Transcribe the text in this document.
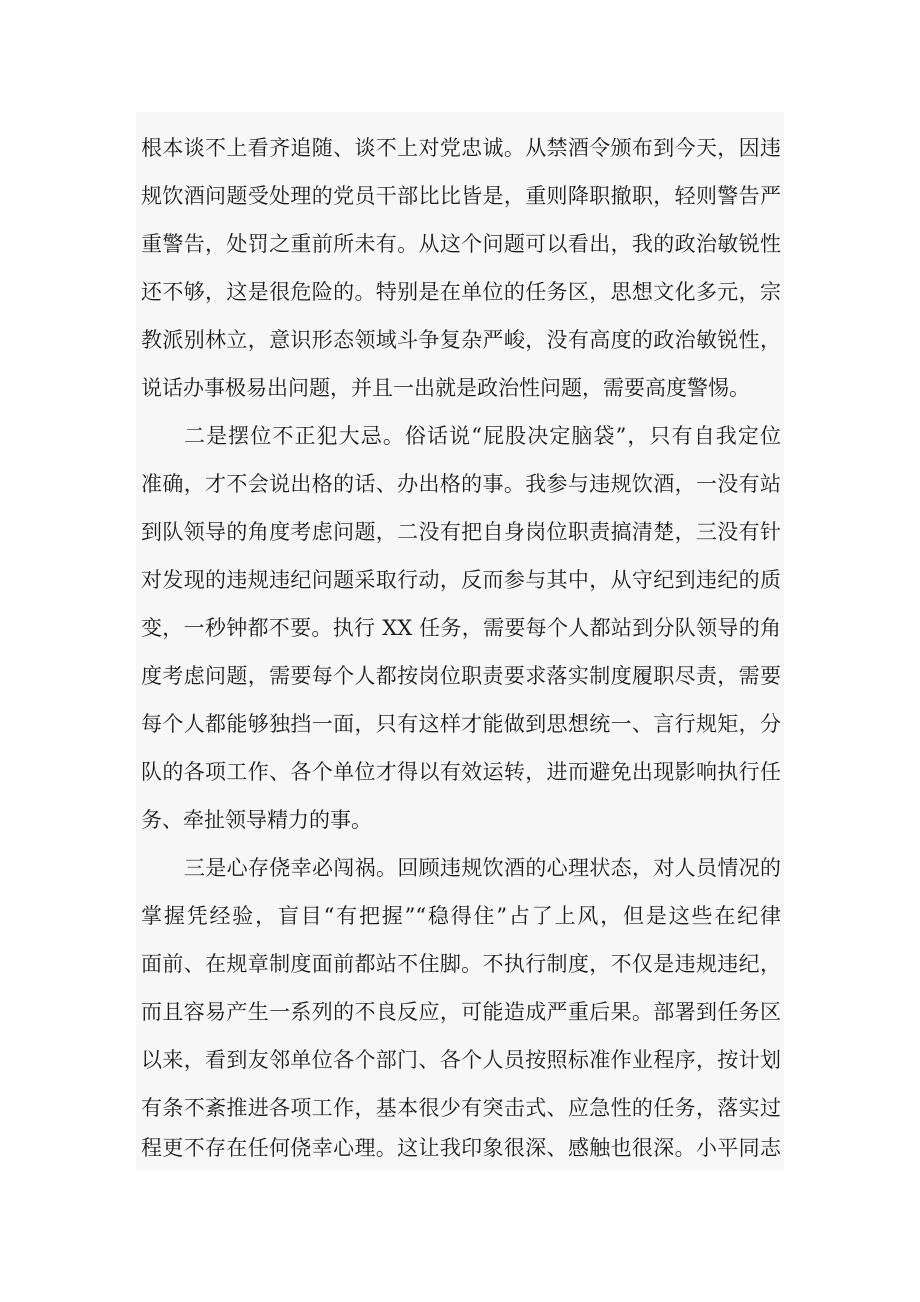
根本谈不上看齐追随、谈不上对党忠诚。从禁酒令颁布到今天，因违
规饮酒问题受处理的党员干部比比皆是，重则降职撤职，轻则警告严
重警告，处罚之重前所未有。从这个问题可以看出，我的政治敏锐性
还不够，这是很危险的。特别是在单位的任务区，思想文化多元，宗
教派别林立，意识形态领域斗争复杂严峻，没有高度的政治敏锐性，
说话办事极易出问题，并且一出就是政治性问题，需要高度警惕。
二是摆位不正犯大忌。俗话说“屁股决定脑袋”，只有自我定位
准确，才不会说出格的话、办出格的事。我参与违规饮酒，一没有站
到队领导的角度考虑问题，二没有把自身岗位职责搞清楚，三没有针
对发现的违规违纪问题采取行动，反而参与其中，从守纪到违纪的质
变，一秒钟都不要。执行 XX 任务，需要每个人都站到分队领导的角
度考虑问题，需要每个人都按岗位职责要求落实制度履职尽责，需要
每个人都能够独挡一面，只有这样才能做到思想统一、言行规矩，分
队的各项工作、各个单位才得以有效运转，进而避免出现影响执行任
务、牵扯领导精力的事。
三是心存侥幸必闯祸。回顾违规饮酒的心理状态，对人员情况的
掌握凭经验，盲目“有把握”“稳得住”占了上风，但是这些在纪律
面前、在规章制度面前都站不住脚。不执行制度，不仅是违规违纪，
而且容易产生一系列的不良反应，可能造成严重后果。部署到任务区
以来，看到友邻单位各个部门、各个人员按照标准作业程序，按计划
有条不紊推进各项工作，基本很少有突击式、应急性的任务，落实过
程更不存在任何侥幸心理。这让我印象很深、感触也很深。小平同志
